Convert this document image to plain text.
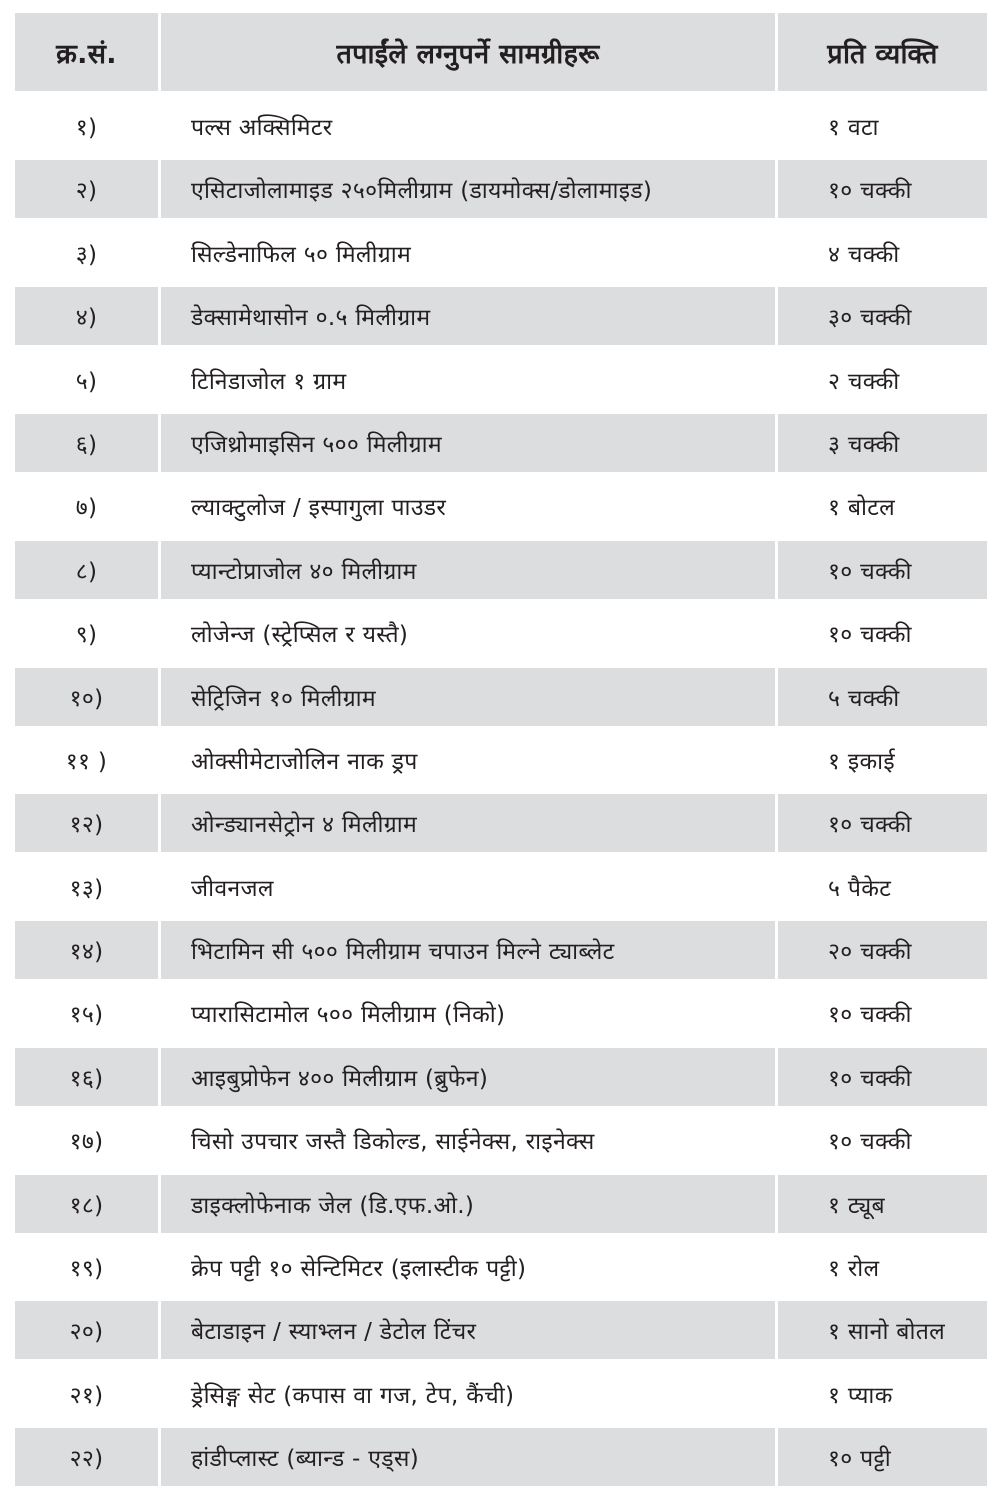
क्र.सं.	तपाईंले लग्नुपर्ने सामग्रीहरू	प्रति व्यक्ति
१)	पल्स अक्सिमिटर	१ वटा
२)	एसिटाजोलामाइड २५०मिलीग्राम (डायमोक्स/डोलामाइड)	१० चक्की
३)	सिल्डेनाफिल ५० मिलीग्राम	४ चक्की
४)	डेक्सामेथासोन ०.५ मिलीग्राम	३० चक्की
५)	टिनिडाजोल १ ग्राम	२ चक्की
६)	एजिथ्रोमाइसिन ५०० मिलीग्राम	३ चक्की
७)	ल्याक्टुलोज / इस्पागुला पाउडर	१ बोटल
८)	प्यान्टोप्राजोल ४० मिलीग्राम	१० चक्की
९)	लोजेन्ज (स्ट्रेप्सिल र यस्तै)	१० चक्की
१०)	सेट्रिजिन १० मिलीग्राम	५ चक्की
११ )	ओक्सीमेटाजोलिन नाक ड्रप	१ इकाई
१२)	ओन्ड्यानसेट्रोन ४ मिलीग्राम	१० चक्की
१३)	जीवनजल	५ पैकेट
१४)	भिटामिन सी ५०० मिलीग्राम चपाउन मिल्ने ट्याब्लेट	२० चक्की
१५)	प्यारासिटामोल ५०० मिलीग्राम (निको)	१० चक्की
१६)	आइबुप्रोफेन ४०० मिलीग्राम (ब्रुफेन)	१० चक्की
१७)	चिसो उपचार जस्तै डिकोल्ड, साईनेक्स, राइनेक्स	१० चक्की
१८)	डाइक्लोफेनाक जेल (डि.एफ.ओ.)	१ ट्यूब
१९)	क्रेप पट्टी १० सेन्टिमिटर (इलास्टीक पट्टी)	१ रोल
२०)	बेटाडाइन / स्याभ्लन / डेटोल टिंचर	१ सानो बोतल
२१)	ड्रेसिङ्ग सेट (कपास वा गज, टेप, कैंची)	१ प्याक
२२)	हांडीप्लास्ट (ब्यान्ड - एड्स)	१० पट्टी
